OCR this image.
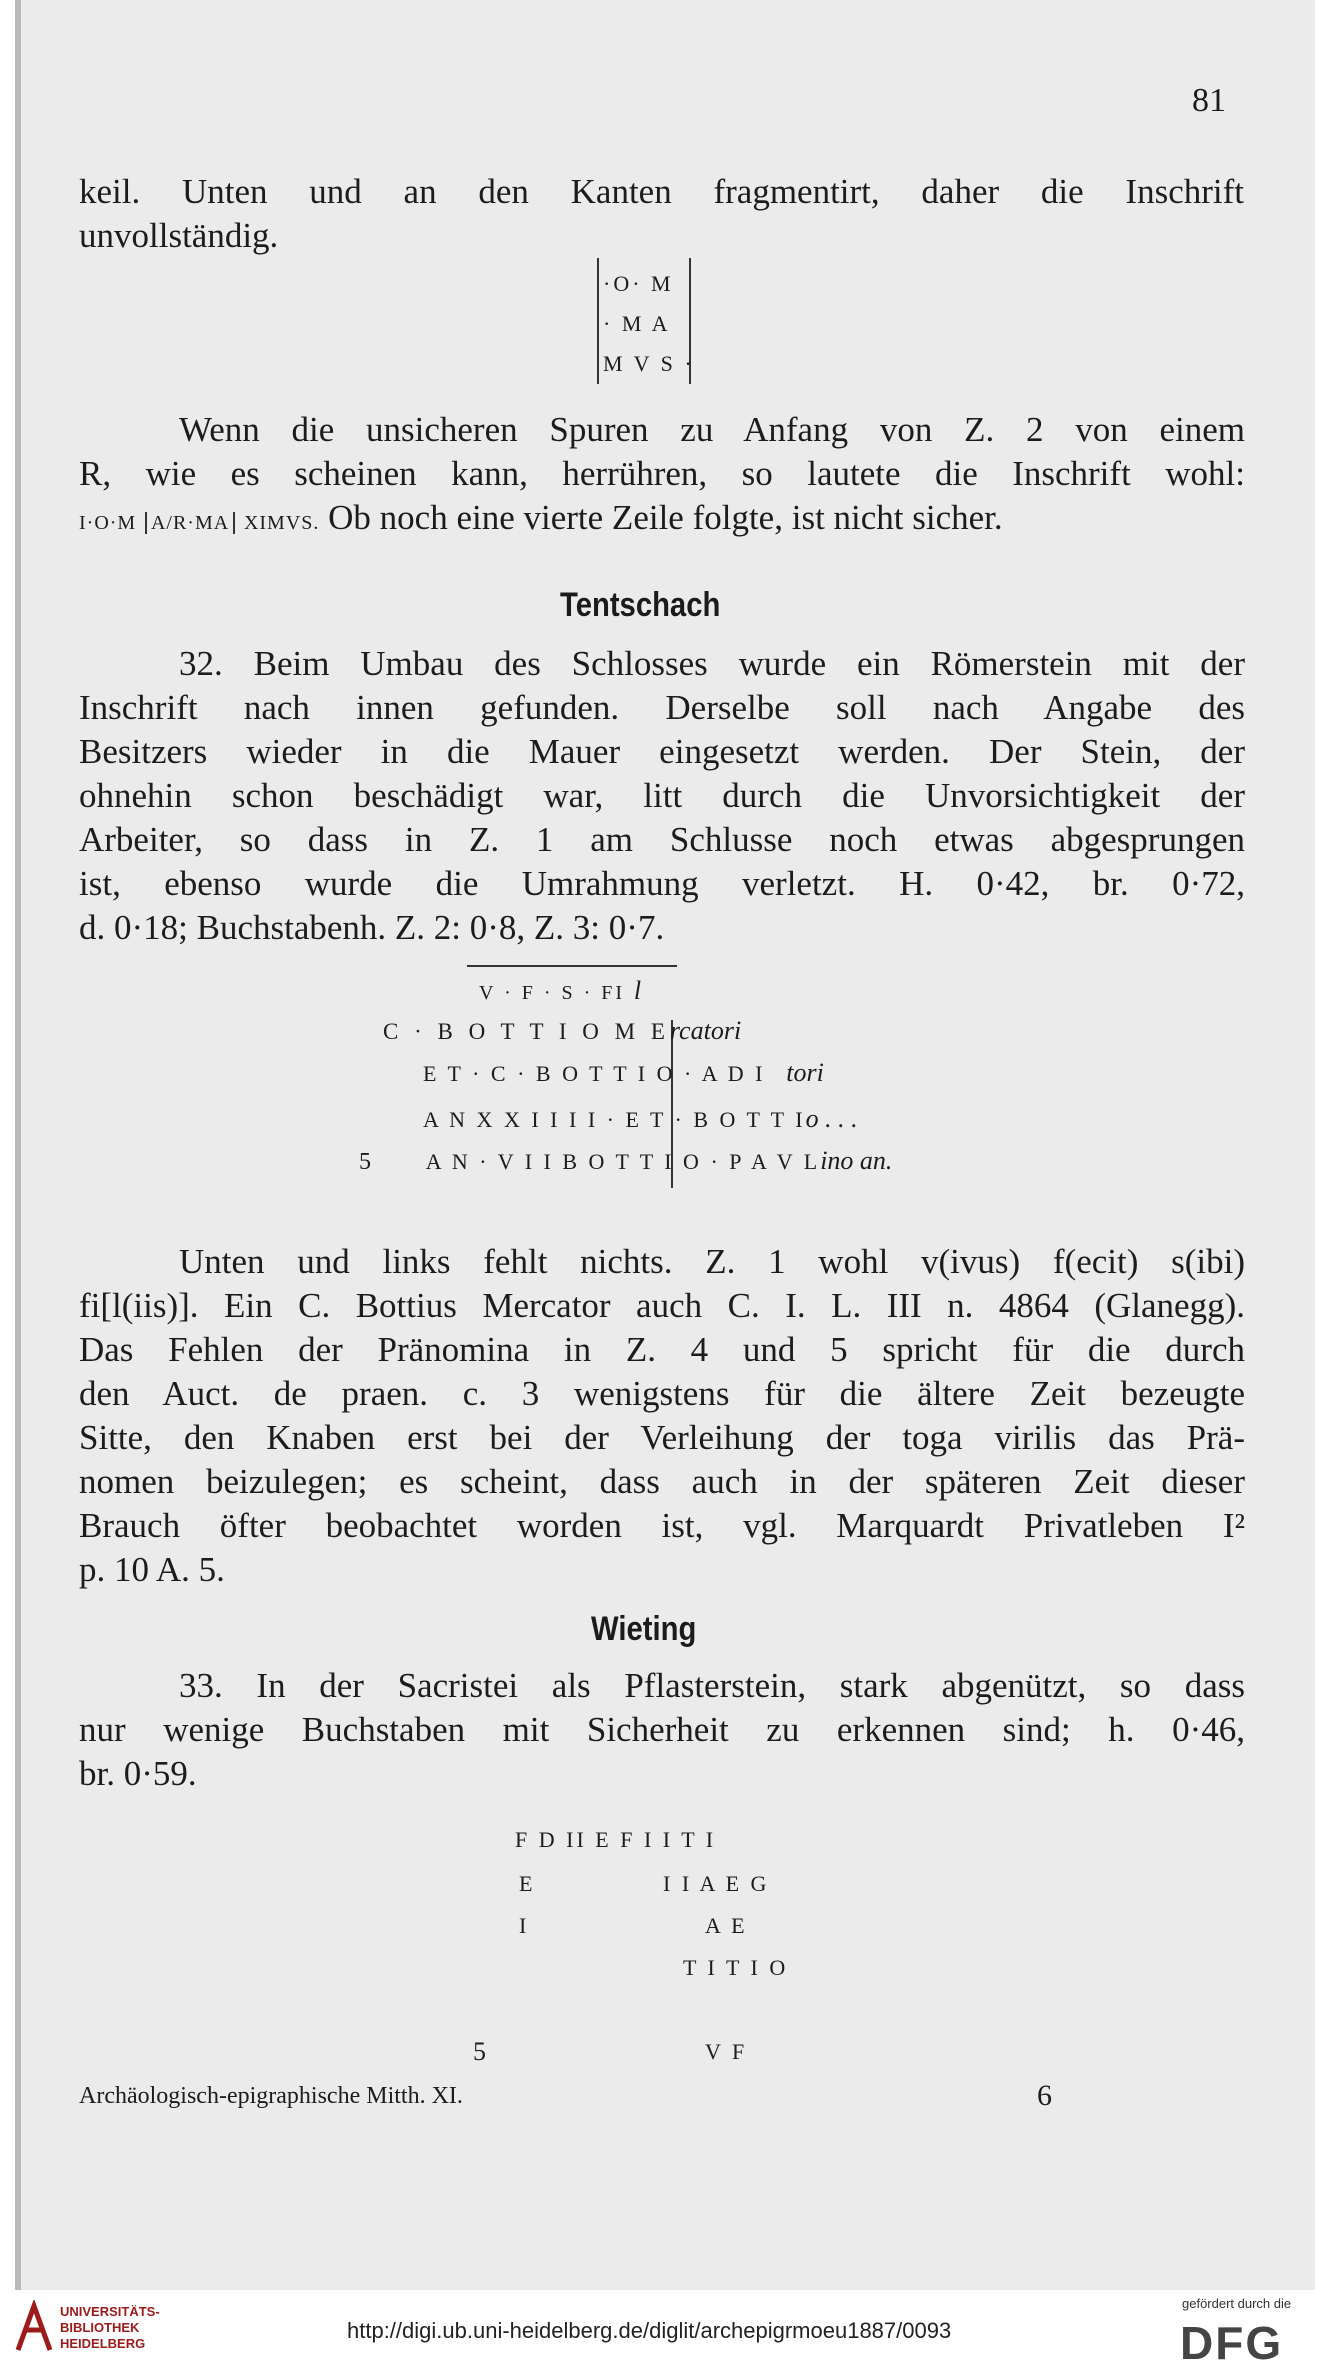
81
keil. Unten und an den Kanten fragmentirt, daher die Inschrift
unvollständig.
·O· M
· M A
M V S ·
Wenn die unsicheren Spuren zu Anfang von Z. 2 von einem
R, wie es scheinen kann, herrühren, so lautete die Inschrift wohl:
I·O·M A/R·MA XIMVS. Ob noch eine vierte Zeile folgte, ist nicht sicher.
Tentschach
32. Beim Umbau des Schlosses wurde ein Römerstein mit der
Inschrift nach innen gefunden. Derselbe soll nach Angabe des
Besitzers wieder in die Mauer eingesetzt werden. Der Stein, der
ohnehin schon beschädigt war, litt durch die Unvorsichtigkeit der
Arbeiter, so dass in Z. 1 am Schlusse noch etwas abgesprungen
ist, ebenso wurde die Umrahmung verletzt. H. 0·42, br. 0·72,
d. 0·18; Buchstabenh. Z. 2: 0·8, Z. 3: 0·7.
V · F · S · FI l
C · B O T T I O M Ercatori
E T · C · B O T T I O · A D I tori
A N X X I I I I · E T · B O T T Io . . .
5 A N · V I I B O T T I O · P A V Lino an.
Unten und links fehlt nichts. Z. 1 wohl v(ivus) f(ecit) s(ibi)
fi[l(iis)]. Ein C. Bottius Mercator auch C. I. L. III n. 4864 (Glanegg).
Das Fehlen der Pränomina in Z. 4 und 5 spricht für die durch
den Auct. de praen. c. 3 wenigstens für die ältere Zeit bezeugte
Sitte, den Knaben erst bei der Verleihung der toga virilis das Prä-
nomen beizulegen; es scheint, dass auch in der späteren Zeit dieser
Brauch öfter beobachtet worden ist, vgl. Marquardt Privatleben I²
p. 10 A. 5.
Wieting
33. In der Sacristei als Pflasterstein, stark abgenützt, so dass
nur wenige Buchstaben mit Sicherheit zu erkennen sind; h. 0·46,
br. 0·59.
F D II E F I I T I
E	I I A E G
I	A E
T I T I O
5	V F
Archäologisch-epigraphische Mitth. XI.	6
UNIVERSITÄTS-
BIBLIOTHEK
HEIDELBERG
http://digi.ub.uni-heidelberg.de/diglit/archepigrmoeu1887/0093
gefördert durch die
DFG
